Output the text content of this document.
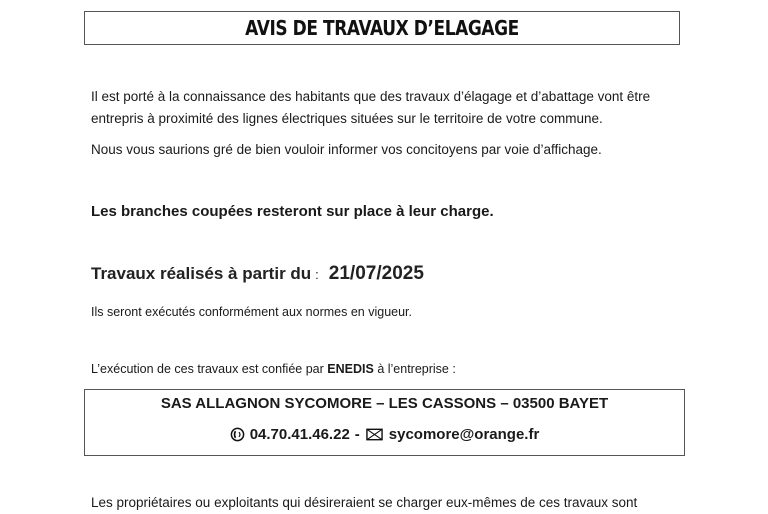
AVIS DE TRAVAUX D’ELAGAGE
Il est porté à la connaissance des habitants que des travaux d’élagage et d’abattage vont être
entrepris à proximité des lignes électriques situées sur le territoire de votre commune.
Nous vous saurions gré de bien vouloir informer vos concitoyens par voie d’affichage.
Les branches coupées resteront sur place à leur charge.
Travaux réalisés à partir du : 21/07/2025
Ils seront exécutés conformément aux normes en vigueur.
L’exécution de ces travaux est confiée par ENEDIS à l’entreprise :
SAS ALLAGNON SYCOMORE – LES CASSONS – 03500 BAYET
04.70.41.46.22 - sycomore@orange.fr
Les propriétaires ou exploitants qui désireraient se charger eux-mêmes de ces travaux sont
